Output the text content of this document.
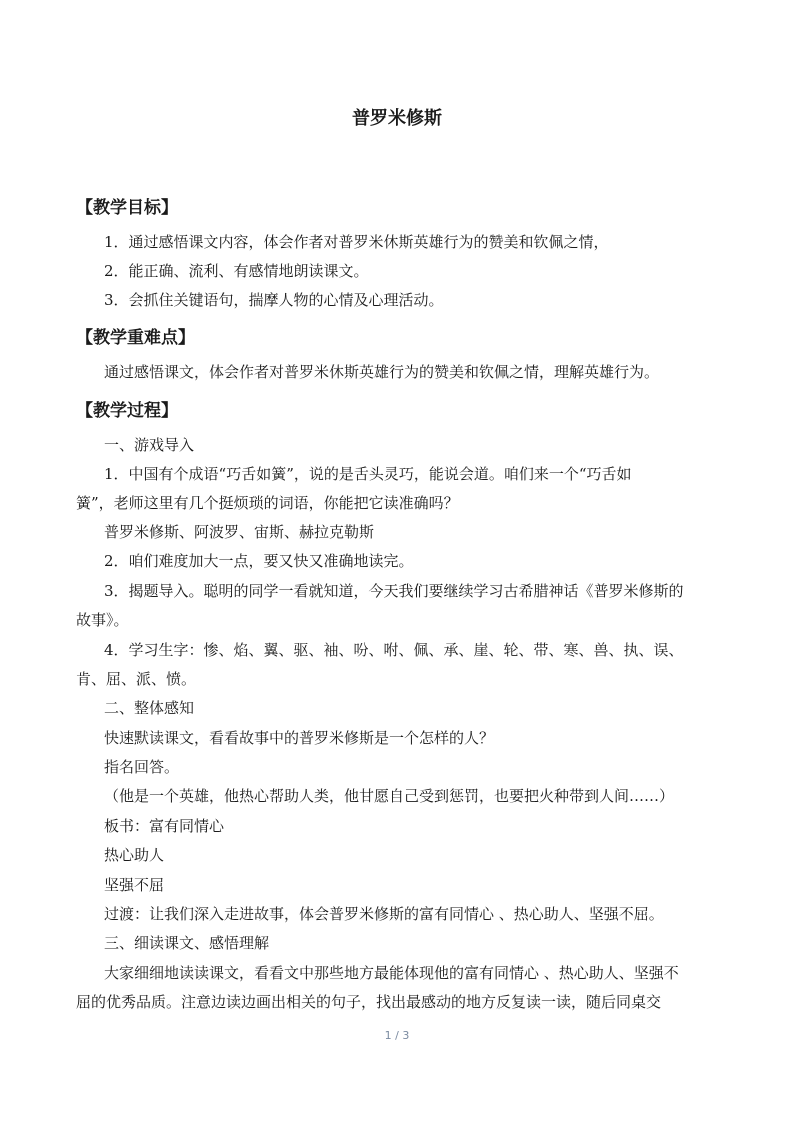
普罗米修斯
【教学目标】
1．通过感悟课文内容，体会作者对普罗米休斯英雄行为的赞美和钦佩之情，
2．能正确、流利、有感情地朗读课文。
3．会抓住关键语句，揣摩人物的心情及心理活动。
【教学重难点】
通过感悟课文，体会作者对普罗米休斯英雄行为的赞美和钦佩之情，理解英雄行为。
【教学过程】
一、游戏导入
1．中国有个成语“巧舌如簧”，说的是舌头灵巧，能说会道。咱们来一个“巧舌如
簧”，老师这里有几个挺烦琐的词语，你能把它读准确吗？
普罗米修斯、阿波罗、宙斯、赫拉克勒斯
2．咱们难度加大一点，要又快又准确地读完。
3．揭题导入。聪明的同学一看就知道，今天我们要继续学习古希腊神话《普罗米修斯的
故事》。
4．学习生字：惨、焰、翼、驱、袖、吩、咐、佩、承、崖、轮、带、寒、兽、执、误、
肯、屈、派、愤。
二、整体感知
快速默读课文，看看故事中的普罗米修斯是一个怎样的人？
指名回答。
（他是一个英雄，他热心帮助人类，他甘愿自己受到惩罚，也要把火种带到人间……）
板书：富有同情心
热心助人
坚强不屈
过渡：让我们深入走进故事，体会普罗米修斯的富有同情心 、热心助人、坚强不屈。
三、细读课文、感悟理解
大家细细地读读课文，看看文中那些地方最能体现他的富有同情心 、热心助人、坚强不
屈的优秀品质。注意边读边画出相关的句子，找出最感动的地方反复读一读，随后同桌交
1 / 3
